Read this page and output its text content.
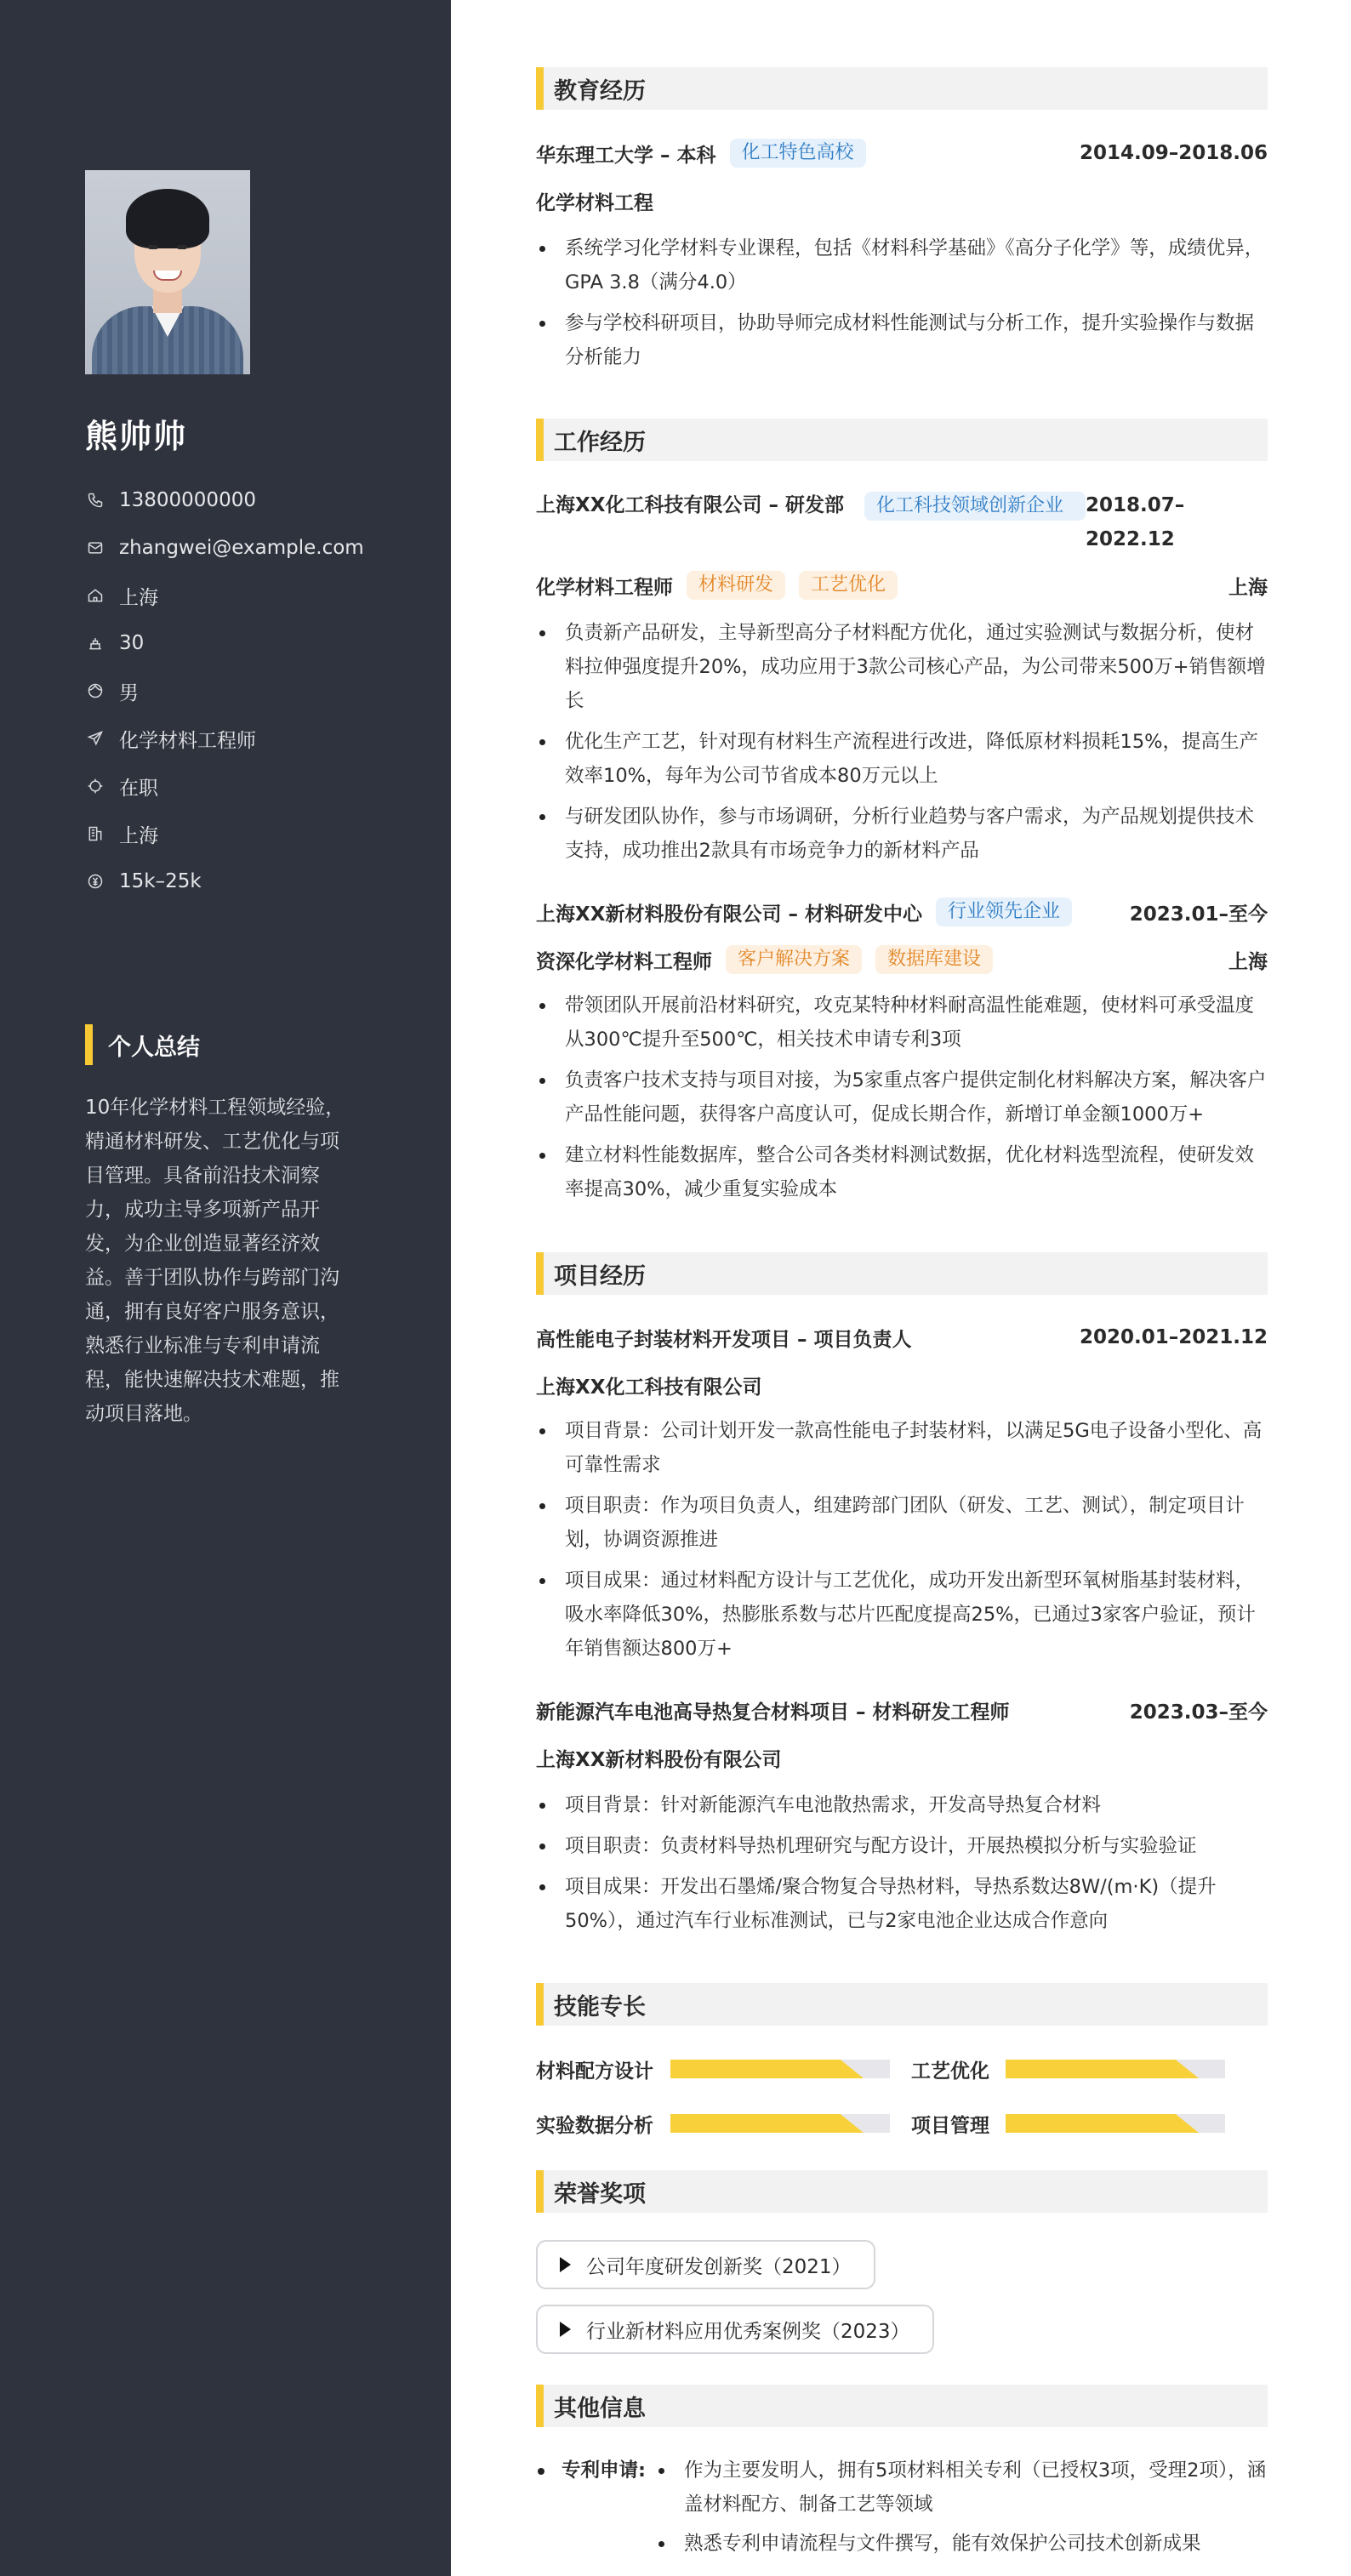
熊帅帅
13800000000
zhangwei@example.com
上海
30
男
化学材料工程师
在职
上海
15k–25k
个人总结
10年化学材料工程领域经验，精通材料研发、工艺优化与项目管理。具备前沿技术洞察力，成功主导多项新产品开发，为企业创造显著经济效益。善于团队协作与跨部门沟通，拥有良好客户服务意识，熟悉行业标准与专利申请流程，能快速解决技术难题，推动项目落地。
教育经历
华东理工大学 – 本科	化工特色高校	2014.09–2018.06
化学材料工程
系统学习化学材料专业课程，包括《材料科学基础》《高分子化学》等，成绩优异，GPA 3.8（满分4.0）
参与学校科研项目，协助导师完成材料性能测试与分析工作，提升实验操作与数据分析能力
工作经历
上海XX化工科技有限公司 – 研发部	化工科技领域创新企业	2018.07–2022.12
化学材料工程师	材料研发	工艺优化	上海
负责新产品研发，主导新型高分子材料配方优化，通过实验测试与数据分析，使材料拉伸强度提升20%，成功应用于3款公司核心产品，为公司带来500万+销售额增长
优化生产工艺，针对现有材料生产流程进行改进，降低原材料损耗15%，提高生产效率10%，每年为公司节省成本80万元以上
与研发团队协作，参与市场调研，分析行业趋势与客户需求，为产品规划提供技术支持，成功推出2款具有市场竞争力的新材料产品
上海XX新材料股份有限公司 – 材料研发中心	行业领先企业	2023.01–至今
资深化学材料工程师	客户解决方案	数据库建设	上海
带领团队开展前沿材料研究，攻克某特种材料耐高温性能难题，使材料可承受温度从300℃提升至500℃，相关技术申请专利3项
负责客户技术支持与项目对接，为5家重点客户提供定制化材料解决方案，解决客户产品性能问题，获得客户高度认可，促成长期合作，新增订单金额1000万+
建立材料性能数据库，整合公司各类材料测试数据，优化材料选型流程，使研发效率提高30%，减少重复实验成本
项目经历
高性能电子封装材料开发项目 – 项目负责人	2020.01–2021.12
上海XX化工科技有限公司
项目背景：公司计划开发一款高性能电子封装材料，以满足5G电子设备小型化、高可靠性需求
项目职责：作为项目负责人，组建跨部门团队（研发、工艺、测试），制定项目计划，协调资源推进
项目成果：通过材料配方设计与工艺优化，成功开发出新型环氧树脂基封装材料，吸水率降低30%，热膨胀系数与芯片匹配度提高25%，已通过3家客户验证，预计年销售额达800万+
新能源汽车电池高导热复合材料项目 – 材料研发工程师	2023.03–至今
上海XX新材料股份有限公司
项目背景：针对新能源汽车电池散热需求，开发高导热复合材料
项目职责：负责材料导热机理研究与配方设计，开展热模拟分析与实验验证
项目成果：开发出石墨烯/聚合物复合导热材料，导热系数达8W/(m·K)（提升50%），通过汽车行业标准测试，已与2家电池企业达成合作意向
技能专长
材料配方设计	工艺优化
实验数据分析	项目管理
荣誉奖项
公司年度研发创新奖（2021）
行业新材料应用优秀案例奖（2023）
其他信息
专利申请:	作为主要发明人，拥有5项材料相关专利（已授权3项，受理2项），涵盖材料配方、制备工艺等领域
熟悉专利申请流程与文件撰写，能有效保护公司技术创新成果
